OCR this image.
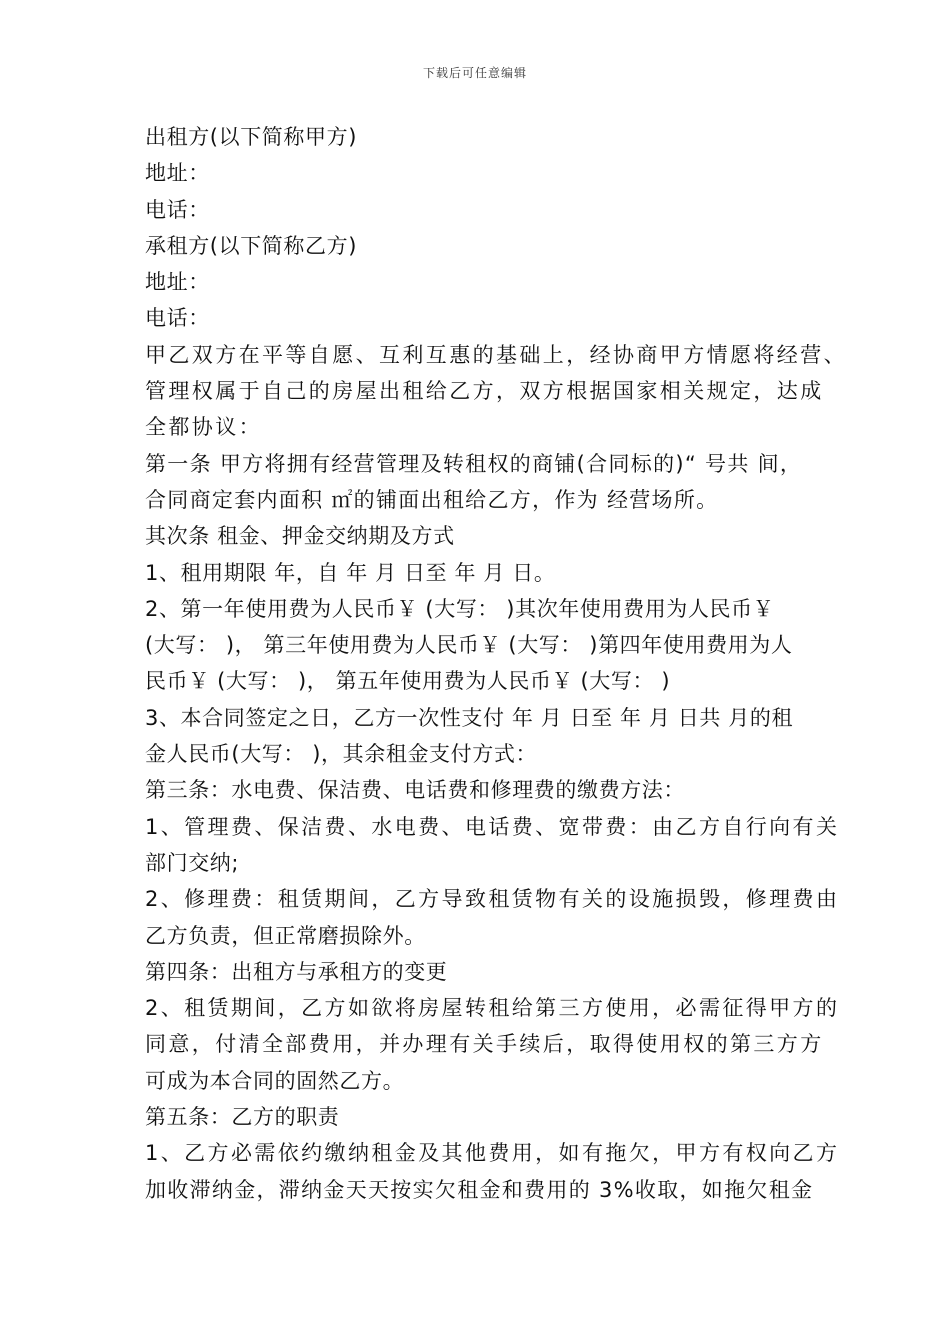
下载后可任意编辑
出租方(以下简称甲方)
地址：
电话：
承租方(以下简称乙方)
地址：
电话：
甲乙双方在平等自愿、互利互惠的基础上，经协商甲方情愿将经营、
管理权属于自己的房屋出租给乙方，双方根据国家相关规定，达成
全都协议：
第一条 甲方将拥有经营管理及转租权的商铺(合同标的)“ 号共 间，
合同商定套内面积 ㎡的铺面出租给乙方，作为 经营场所。
其次条 租金、押金交纳期及方式
1、租用期限 年，自 年 月 日至 年 月 日。
2、第一年使用费为人民币￥ (大写： )其次年使用费用为人民币￥
(大写： )， 第三年使用费为人民币￥ (大写： )第四年使用费用为人
民币￥ (大写： )， 第五年使用费为人民币￥ (大写： )
3、本合同签定之日，乙方一次性支付 年 月 日至 年 月 日共 月的租
金人民币(大写： )，其余租金支付方式：
第三条：水电费、保洁费、电话费和修理费的缴费方法：
1、管理费、保洁费、水电费、电话费、宽带费：由乙方自行向有关
部门交纳;
2、修理费：租赁期间，乙方导致租赁物有关的设施损毁，修理费由
乙方负责，但正常磨损除外。
第四条：出租方与承租方的变更
2、租赁期间，乙方如欲将房屋转租给第三方使用，必需征得甲方的
同意，付清全部费用，并办理有关手续后，取得使用权的第三方方
可成为本合同的固然乙方。
第五条：乙方的职责
1、乙方必需依约缴纳租金及其他费用，如有拖欠，甲方有权向乙方
加收滞纳金，滞纳金天天按实欠租金和费用的 3%收取，如拖欠租金
